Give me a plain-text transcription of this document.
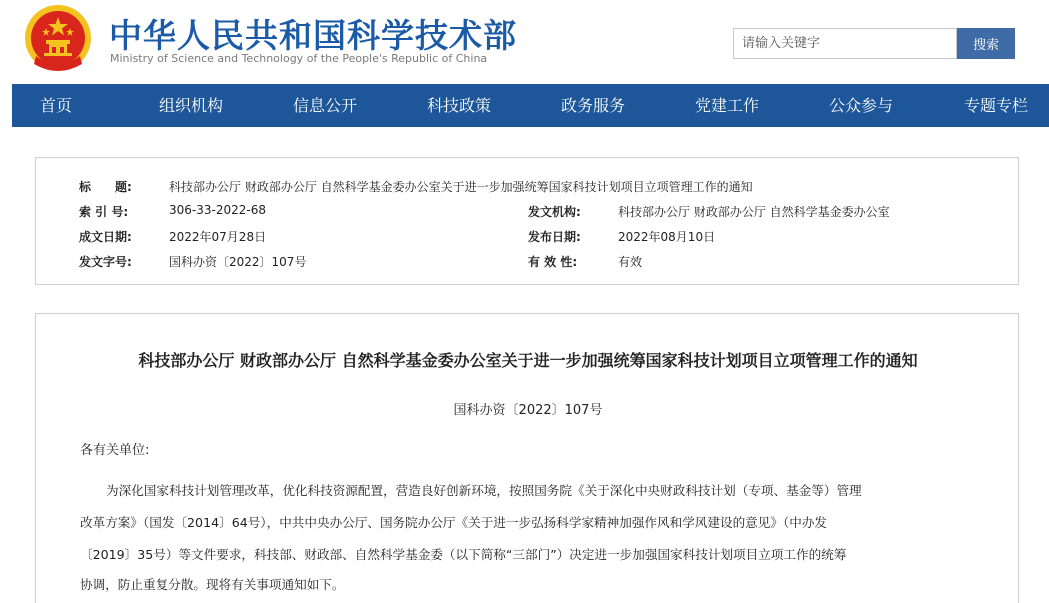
中华人民共和国科学技术部
Ministry of Science and Technology of the People's Republic of China
请输入关键字
搜索
首页	组织机构	信息公开	科技政策	政务服务	党建工作	公众参与	专题专栏
标　　题:	科技部办公厅 财政部办公厅 自然科学基金委办公室关于进一步加强统筹国家科技计划项目立项管理工作的通知
索 引 号:	306-33-2022-68	发文机构:	科技部办公厅 财政部办公厅 自然科学基金委办公室
成文日期:	2022年07月28日	发布日期:	2022年08月10日
发文字号:	国科办资〔2022〕107号	有 效 性:	有效
科技部办公厅 财政部办公厅 自然科学基金委办公室关于进一步加强统筹国家科技计划项目立项管理工作的通知
国科办资〔2022〕107号
各有关单位:
为深化国家科技计划管理改革，优化科技资源配置，营造良好创新环境，按照国务院《关于深化中央财政科技计划（专项、基金等）管理
改革方案》（国发〔2014〕64号），中共中央办公厅、国务院办公厅《关于进一步弘扬科学家精神加强作风和学风建设的意见》（中办发
〔2019〕35号）等文件要求，科技部、财政部、自然科学基金委（以下简称“三部门”）决定进一步加强国家科技计划项目立项工作的统筹
协调，防止重复分散。现将有关事项通知如下。
